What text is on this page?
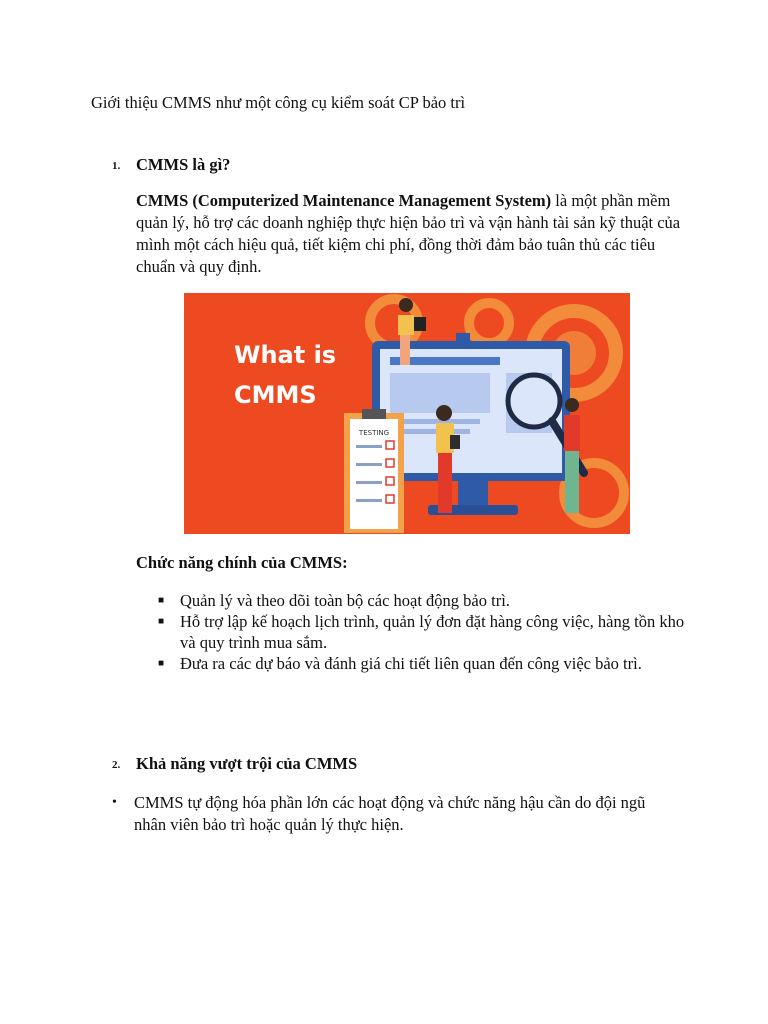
Giới thiệu CMMS như một công cụ kiểm soát CP bảo trì
1. CMMS là gì?
CMMS (Computerized Maintenance Management System) là một phần mềm quản lý, hỗ trợ các doanh nghiệp thực hiện bảo trì và vận hành tài sản kỹ thuật của mình một cách hiệu quả, tiết kiệm chi phí, đồng thời đảm bảo tuân thủ các tiêu chuẩn và quy định.
What is
CMMS
TESTING
Chức năng chính của CMMS:
■ Quản lý và theo dõi toàn bộ các hoạt động bảo trì.
■ Hỗ trợ lập kế hoạch lịch trình, quản lý đơn đặt hàng công việc, hàng tồn kho và quy trình mua sắm.
■ Đưa ra các dự báo và đánh giá chi tiết liên quan đến công việc bảo trì.
2. Khả năng vượt trội của CMMS
•	CMMS tự động hóa phần lớn các hoạt động và chức năng hậu cần do đội ngũ nhân viên bảo trì hoặc quản lý thực hiện.
